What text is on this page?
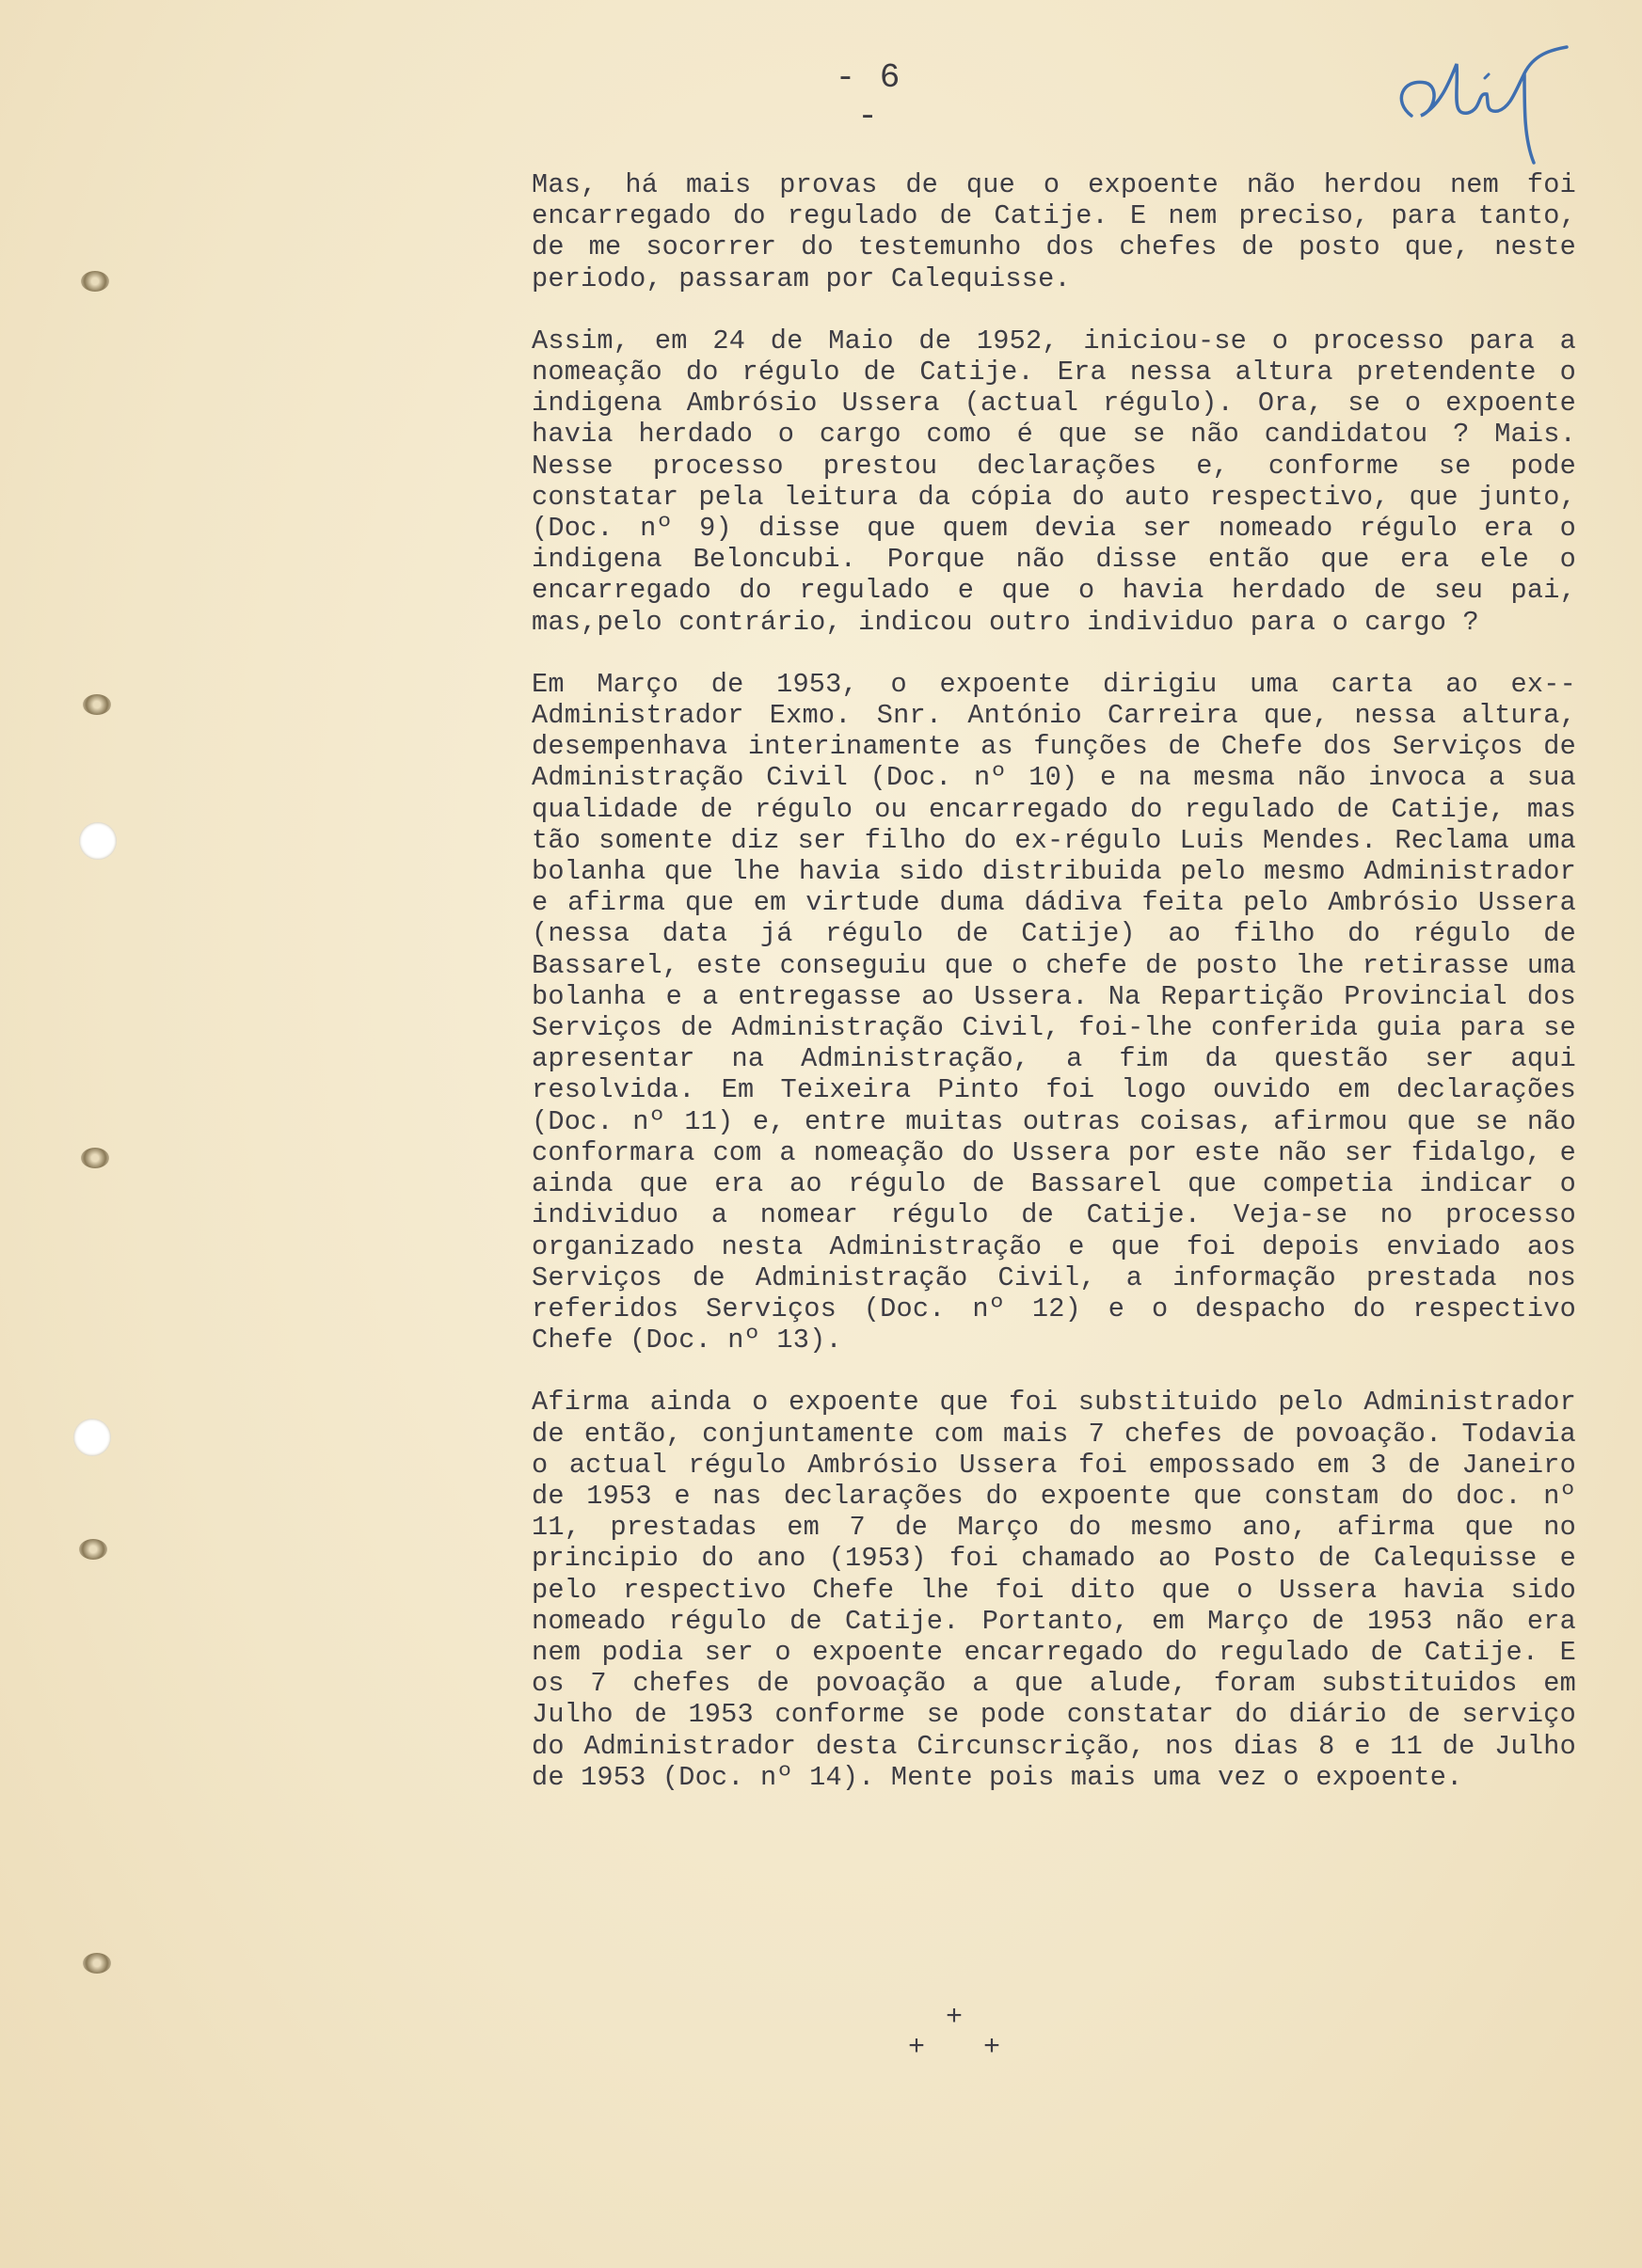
- 6 -

Mas, há mais provas de que o expoente não herdou nem foi encarregado do regulado de Catije. E nem preciso, para tanto, de me socorrer do testemunho dos chefes de posto que, neste periodo, passaram por Calequisse.

Assim, em 24 de Maio de 1952, iniciou-se o processo para a nomeação do régulo de Catije. Era nessa altura pretendente o indigena Ambrósio Ussera (actual régulo). Ora, se o expoente havia herdado o cargo como é que se não candidatou ? Mais. Nesse processo prestou declarações e, conforme se pode constatar pela leitura da cópia do auto respectivo, que junto, (Doc. nº 9) disse que quem devia ser nomeado régulo era o indigena Beloncubi. Porque não disse então que era ele o encarregado do regulado e que o havia herdado de seu pai, mas,pelo contrário, indicou outro individuo para o cargo ?

Em Março de 1953, o expoente dirigiu uma carta ao ex--Administrador Exmo. Snr. António Carreira que, nessa altura, desempenhava interinamente as funções de Chefe dos Serviços de Administração Civil (Doc. nº 10) e na mesma não invoca a sua qualidade de régulo ou encarregado do regulado de Catije, mas tão somente diz ser filho do ex-régulo Luis Mendes. Reclama uma bolanha que lhe havia sido distribuida pelo mesmo Administrador e afirma que em virtude duma dádiva feita pelo Ambrósio Ussera (nessa data já régulo de Catije) ao filho do régulo de Bassarel, este conseguiu que o chefe de posto lhe retirasse uma bolanha e a entregasse ao Ussera. Na Repartição Provincial dos Serviços de Administração Civil, foi-lhe conferida guia para se apresentar na Administração, a fim da questão ser aqui resolvida. Em Teixeira Pinto foi logo ouvido em declarações (Doc. nº 11) e, entre muitas outras coisas, afirmou que se não conformara com a nomeação do Ussera por este não ser fidalgo, e ainda que era ao régulo de Bassarel que competia indicar o individuo a nomear régulo de Catije. Veja-se no processo organizado nesta Administração e que foi depois enviado aos Serviços de Administração Civil, a informação prestada nos referidos Serviços (Doc. nº 12) e o despacho do respectivo Chefe (Doc. nº 13).

Afirma ainda o expoente que foi substituido pelo Administrador de então, conjuntamente com mais 7 chefes de povoação. Todavia o actual régulo Ambrósio Ussera foi empossado em 3 de Janeiro de 1953 e nas declarações do expoente que constam do doc. nº 11, prestadas em 7 de Março do mesmo ano, afirma que no principio do ano (1953) foi chamado ao Posto de Calequisse e pelo respectivo Chefe lhe foi dito que o Ussera havia sido nomeado régulo de Catije. Portanto, em Março de 1953 não era nem podia ser o expoente encarregado do regulado de Catije. E os 7 chefes de povoação a que alude, foram substituidos em Julho de 1953 conforme se pode constatar do diário de serviço do Administrador desta Circunscrição, nos dias 8 e 11 de Julho de 1953 (Doc. nº 14). Mente pois mais uma vez o expoente.

+
+ +
